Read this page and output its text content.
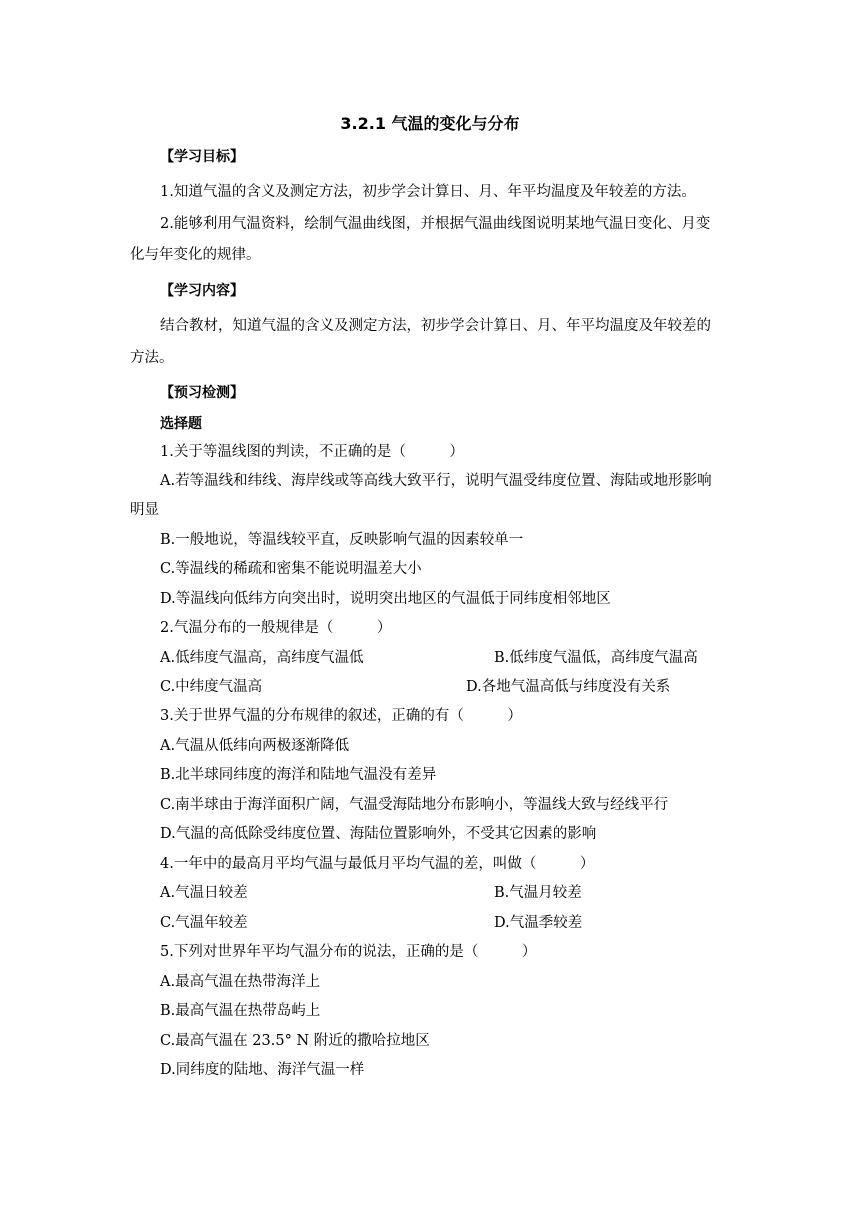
3.2.1 气温的变化与分布
【学习目标】
1.知道气温的含义及测定方法，初步学会计算日、月、年平均温度及年较差的方法。
2.能够利用气温资料，绘制气温曲线图，并根据气温曲线图说明某地气温日变化、月变
化与年变化的规律。
【学习内容】
结合教材，知道气温的含义及测定方法，初步学会计算日、月、年平均温度及年较差的
方法。
【预习检测】
选择题
1.关于等温线图的判读，不正确的是（　　　）
A.若等温线和纬线、海岸线或等高线大致平行，说明气温受纬度位置、海陆或地形影响
明显
B.一般地说，等温线较平直，反映影响气温的因素较单一
C.等温线的稀疏和密集不能说明温差大小
D.等温线向低纬方向突出时，说明突出地区的气温低于同纬度相邻地区
2.气温分布的一般规律是（　　　）
A.低纬度气温高，高纬度气温低	B.低纬度气温低，高纬度气温高
C.中纬度气温高	D.各地气温高低与纬度没有关系
3.关于世界气温的分布规律的叙述，正确的有（　　　）
A.气温从低纬向两极逐渐降低
B.北半球同纬度的海洋和陆地气温没有差异
C.南半球由于海洋面积广阔，气温受海陆地分布影响小，等温线大致与经线平行
D.气温的高低除受纬度位置、海陆位置影响外，不受其它因素的影响
4.一年中的最高月平均气温与最低月平均气温的差，叫做（　　　）
A.气温日较差	B.气温月较差
C.气温年较差	D.气温季较差
5.下列对世界年平均气温分布的说法，正确的是（　　　）
A.最高气温在热带海洋上
B.最高气温在热带岛屿上
C.最高气温在 23.5° N 附近的撒哈拉地区
D.同纬度的陆地、海洋气温一样
